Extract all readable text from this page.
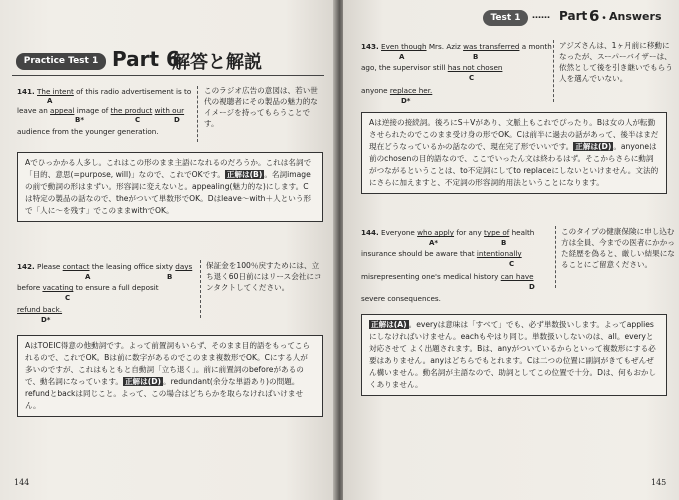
Practice Test 1 Part 6
解答と解説
141. The intent of this radio advertisement is to
A
leave an appeal image of the product with our
B*	C	D
audience from the younger generation.
このラジオ広告の意図は、若い世代の視聴者にその製品の魅力的なイメージを持ってもらうことです。
Aでひっかかる人多し。これはこの形のまま主語になれるのだろうか。これは名詞で「目的、意思(=purpose, will)」なので、これでOKです。 正解は(B) 。名詞imageの前で動詞の形はまずい。形容詞に変えないと。appealing(魅力的な)にします。Cは特定の製品の話なので、theがついて単数形でOK。Dはleave～with＋人という形で「人に～を残す」でこのままwithでOK。
142. Please contact the leasing office sixty days
A	B
before vacating to ensure a full deposit
C
refund back.
D*
保証金を100％戻すためには、立ち退く60日前にはリース会社にコンタクトしてください。
AはTOEIC得意の他動詞です。よって前置詞もいらず、そのまま目的語をもってこられるので、これでOK。Bは前に数字があるのでこのまま複数形でOK。Cにする人が多いのですが、これはもともと自動詞「立ち退く」。前に前置詞のbeforeがあるので、動名詞になっています。 正解は(D) 。redundant(余分な単語あり)の問題。refundとbackは同じこと。よって、この場合はどちらかを取らなければいけません。
144
Test 1	…… Part 6
・
Answers
143. Even though Mrs. Aziz was transferred a month
A	B
ago, the supervisor still has not chosen
C
anyone replace her.
D*
アジズさんは、1ヶ月前に移動になったが、スーパーバイザーは、依然として後を引き継いでもらう人を選んでいない。
Aは逆接の接続詞。後ろにS＋Vがあり、文脈上もこれでぴったり。Bは女の人が転勤させられたのでこのまま受け身の形でOK。Cは前半に過去の話があって、後半はまだ現在どうなっているかの話なので、現在完了形でいいです。 正解は(D) 。anyoneは前のchosenの目的語なので、ここでいったん文は終わるはず。そこからさらに動詞がつながるということは、to不定詞にしてto replaceにしないといけません。文法的にさらに加えますと、不定詞の形容詞的用法ということになります。
144. Everyone who apply for any type of health
A*	B
insurance should be aware that intentionally
C
misrepresenting one's medical history can have
D
severe consequences.
このタイプの健康保険に申し込む方は全員、今までの医者にかかった経歴を偽ると、厳しい結果になることにご留意ください。
正解は(A) 。everyは意味は「すべて」でも、必ず単数扱いします。よってappliesにしなければいけません。eachもやはり同じ。単数扱いしないのは、all。everyと対応させて よく出題されます。Bは、anyがついているからといって複数形にする必要はありません。anyはどちらでもとれます。Cは二つの位置に副詞がきてもぜんぜん構いません。動名詞が主語なので、助詞としてこの位置で十分。Dは、何もおかしくありません。
145
